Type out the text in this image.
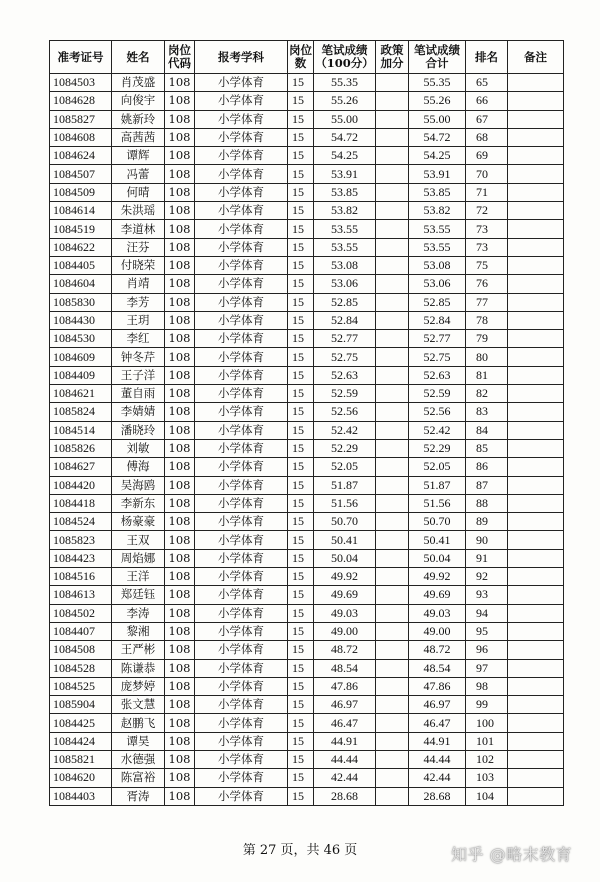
准考证号	姓名	岗位代码	报考学科	岗位数	笔试成绩（100分）	政策加分	笔试成绩合计	排名	备注
1084503	肖茂盛	108	小学体育	15	55.35		55.35	65	
1084628	向俊宇	108	小学体育	15	55.26		55.26	66	
1085827	姚新玲	108	小学体育	15	55.00		55.00	67	
1084608	高茜茜	108	小学体育	15	54.72		54.72	68	
1084624	谭辉	108	小学体育	15	54.25		54.25	69	
1084507	冯蕾	108	小学体育	15	53.91		53.91	70	
1084509	何晴	108	小学体育	15	53.85		53.85	71	
1084614	朱洪瑶	108	小学体育	15	53.82		53.82	72	
1084519	李道林	108	小学体育	15	53.55		53.55	73	
1084622	汪芬	108	小学体育	15	53.55		53.55	73	
1084405	付晓荣	108	小学体育	15	53.08		53.08	75	
1084604	肖靖	108	小学体育	15	53.06		53.06	76	
1085830	李芳	108	小学体育	15	52.85		52.85	77	
1084430	王玥	108	小学体育	15	52.84		52.84	78	
1084530	李红	108	小学体育	15	52.77		52.77	79	
1084609	钟冬芹	108	小学体育	15	52.75		52.75	80	
1084409	王子洋	108	小学体育	15	52.63		52.63	81	
1084621	董自雨	108	小学体育	15	52.59		52.59	82	
1085824	李婧婧	108	小学体育	15	52.56		52.56	83	
1084514	潘晓玲	108	小学体育	15	52.42		52.42	84	
1085826	刘敏	108	小学体育	15	52.29		52.29	85	
1084627	傅海	108	小学体育	15	52.05		52.05	86	
1084420	吴海鸥	108	小学体育	15	51.87		51.87	87	
1084418	李新东	108	小学体育	15	51.56		51.56	88	
1084524	杨豪豪	108	小学体育	15	50.70		50.70	89	
1085823	王双	108	小学体育	15	50.41		50.41	90	
1084423	周焰娜	108	小学体育	15	50.04		50.04	91	
1084516	王洋	108	小学体育	15	49.92		49.92	92	
1084613	郑廷钰	108	小学体育	15	49.69		49.69	93	
1084502	李涛	108	小学体育	15	49.03		49.03	94	
1084407	黎湘	108	小学体育	15	49.00		49.00	95	
1084508	王严彬	108	小学体育	15	48.72		48.72	96	
1084528	陈谦恭	108	小学体育	15	48.54		48.54	97	
1084525	庞梦婷	108	小学体育	15	47.86		47.86	98	
1085904	张文慧	108	小学体育	15	46.97		46.97	99	
1084425	赵鹏飞	108	小学体育	15	46.47		46.47	100	
1084424	谭昊	108	小学体育	15	44.91		44.91	101	
1085821	水德强	108	小学体育	15	44.44		44.44	102	
1084620	陈富裕	108	小学体育	15	42.44		42.44	103	
1084403	胥涛	108	小学体育	15	28.68		28.68	104	
第 27 页，共 46 页	知乎 @略末教育
